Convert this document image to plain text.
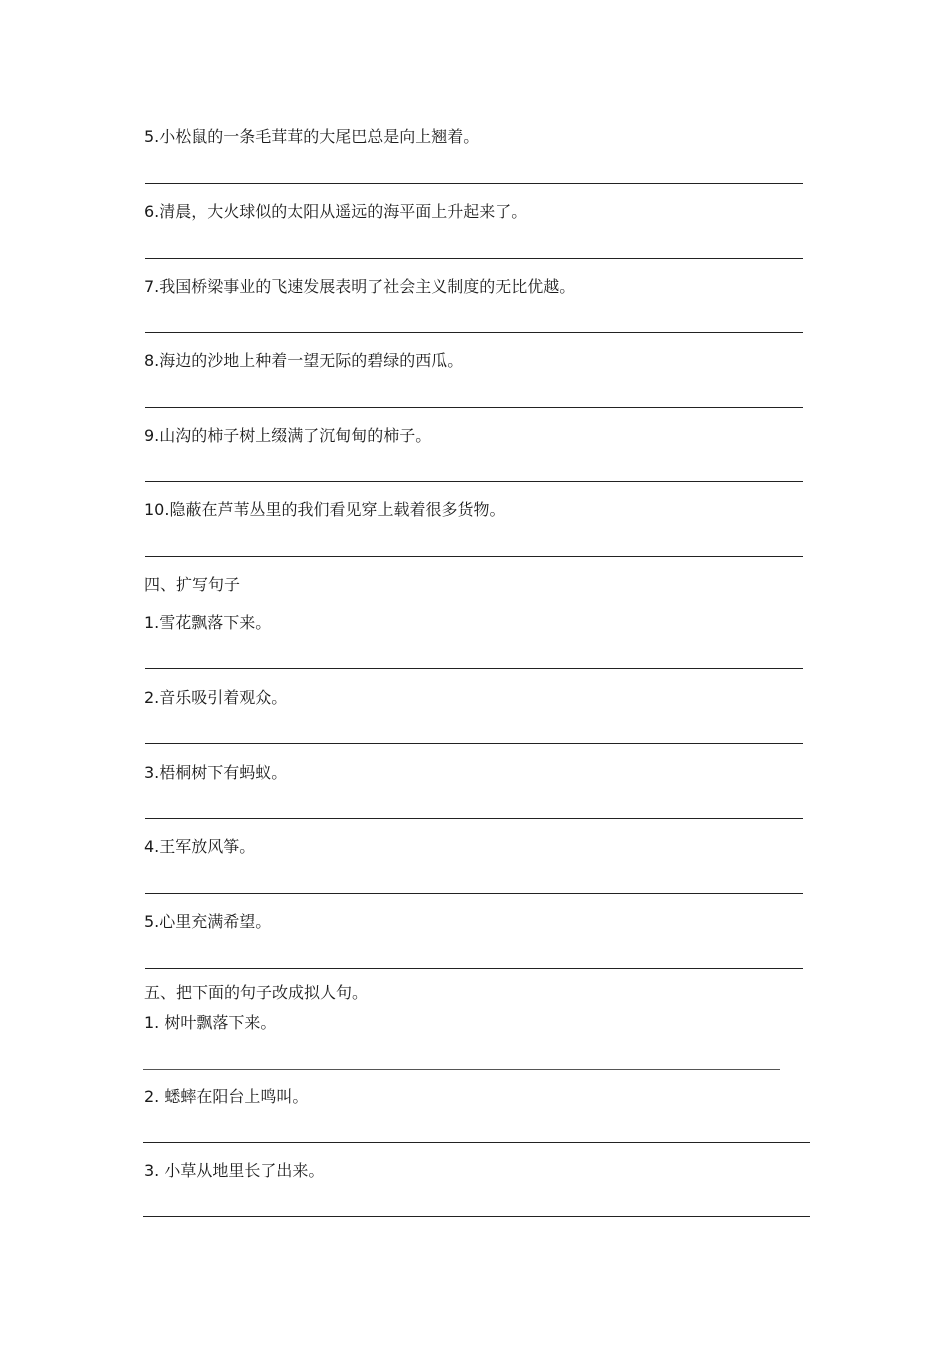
5.小松鼠的一条毛茸茸的大尾巴总是向上翘着。
6.清晨，大火球似的太阳从遥远的海平面上升起来了。
7.我国桥梁事业的飞速发展表明了社会主义制度的无比优越。
8.海边的沙地上种着一望无际的碧绿的西瓜。
9.山沟的柿子树上缀满了沉甸甸的柿子。
10.隐蔽在芦苇丛里的我们看见穿上载着很多货物。
四、扩写句子
1.雪花飘落下来。
2.音乐吸引着观众。
3.梧桐树下有蚂蚁。
4.王军放风筝。
5.心里充满希望。
五、把下面的句子改成拟人句。
1. 树叶飘落下来。
2. 蟋蟀在阳台上鸣叫。
3. 小草从地里长了出来。
